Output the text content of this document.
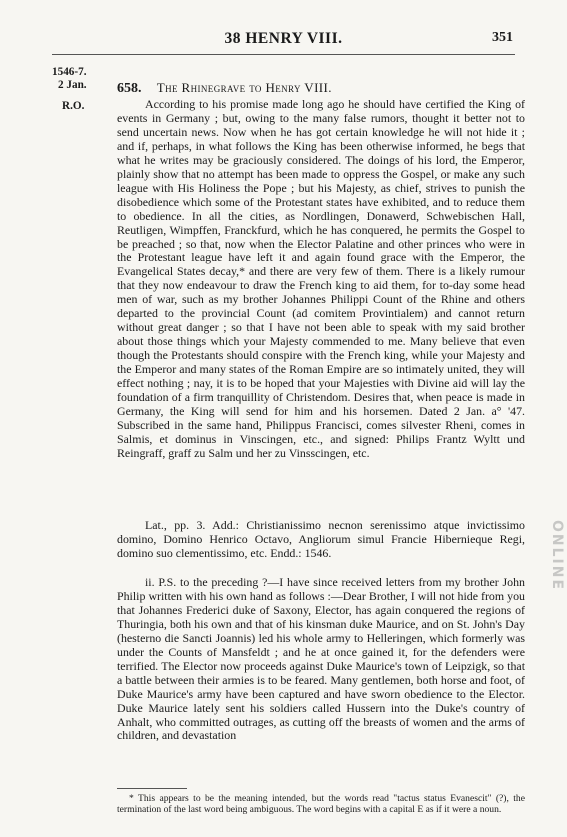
38 HENRY VIII.	351
1546-7.
2 Jan.
R.O.
658. The Rhinegrave to Henry VIII.

According to his promise made long ago he should have certified the King of events in Germany ; but, owing to the many false rumors, thought it better not to send uncertain news. Now when he has got certain knowledge he will not hide it ; and if, perhaps, in what follows the King has been otherwise informed, he begs that what he writes may be graciously considered. The doings of his lord, the Emperor, plainly show that no attempt has been made to oppress the Gospel, or make any such league with His Holiness the Pope ; but his Majesty, as chief, strives to punish the disobedience which some of the Protestant states have exhibited, and to reduce them to obedience. In all the cities, as Nordlingen, Donawerd, Schwebischen Hall, Reutligen, Wimpffen, Franckfurd, which he has conquered, he permits the Gospel to be preached ; so that, now when the Elector Palatine and other princes who were in the Protestant league have left it and again found grace with the Emperor, the Evangelical States decay,* and there are very few of them. There is a likely rumour that they now endeavour to draw the French king to aid them, for to-day some head men of war, such as my brother Johannes Philippi Count of the Rhine and others departed to the provincial Count (ad comitem Provintialem) and cannot return without great danger ; so that I have not been able to speak with my said brother about those things which your Majesty commended to me. Many believe that even though the Protestants should conspire with the French king, while your Majesty and the Emperor and many states of the Roman Empire are so intimately united, they will effect nothing ; nay, it is to be hoped that your Majesties with Divine aid will lay the foundation of a firm tranquillity of Christendom. Desires that, when peace is made in Germany, the King will send for him and his horsemen. Dated 2 Jan. a° '47. Subscribed in the same hand, Philippus Francisci, comes silvester Rheni, comes in Salmis, et dominus in Vinscingen, etc., and signed: Philips Frantz Wyltt und Reingraff, graff zu Salm und her zu Vinsscingen, etc.

Lat., pp. 3. Add.: Christianissimo necnon serenissimo atque invictissimo domino, Domino Henrico Octavo, Angliorum simul Francie Hibernieque Regi, domino suo clementissimo, etc. Endd.: 1546.

ii. P.S. to the preceding ?—I have since received letters from my brother John Philip written with his own hand as follows :—Dear Brother, I will not hide from you that Johannes Frederici duke of Saxony, Elector, has again conquered the regions of Thuringia, both his own and that of his kinsman duke Maurice, and on St. John's Day (hesterno die Sancti Joannis) led his whole army to Helleringen, which formerly was under the Counts of Mansfeldt ; and he at once gained it, for the defenders were terrified. The Elector now proceeds against Duke Maurice's town of Leipzigk, so that a battle between their armies is to be feared. Many gentlemen, both horse and foot, of Duke Maurice's army have been captured and have sworn obedience to the Elector. Duke Maurice lately sent his soldiers called Hussern into the Duke's country of Anhalt, who committed outrages, as cutting off the breasts of women and the arms of children, and devastation

* This appears to be the meaning intended, but the words read "tactus status Evanescit" (?), the termination of the last word being ambiguous. The word begins with a capital E as if it were a noun.

ONLINE
